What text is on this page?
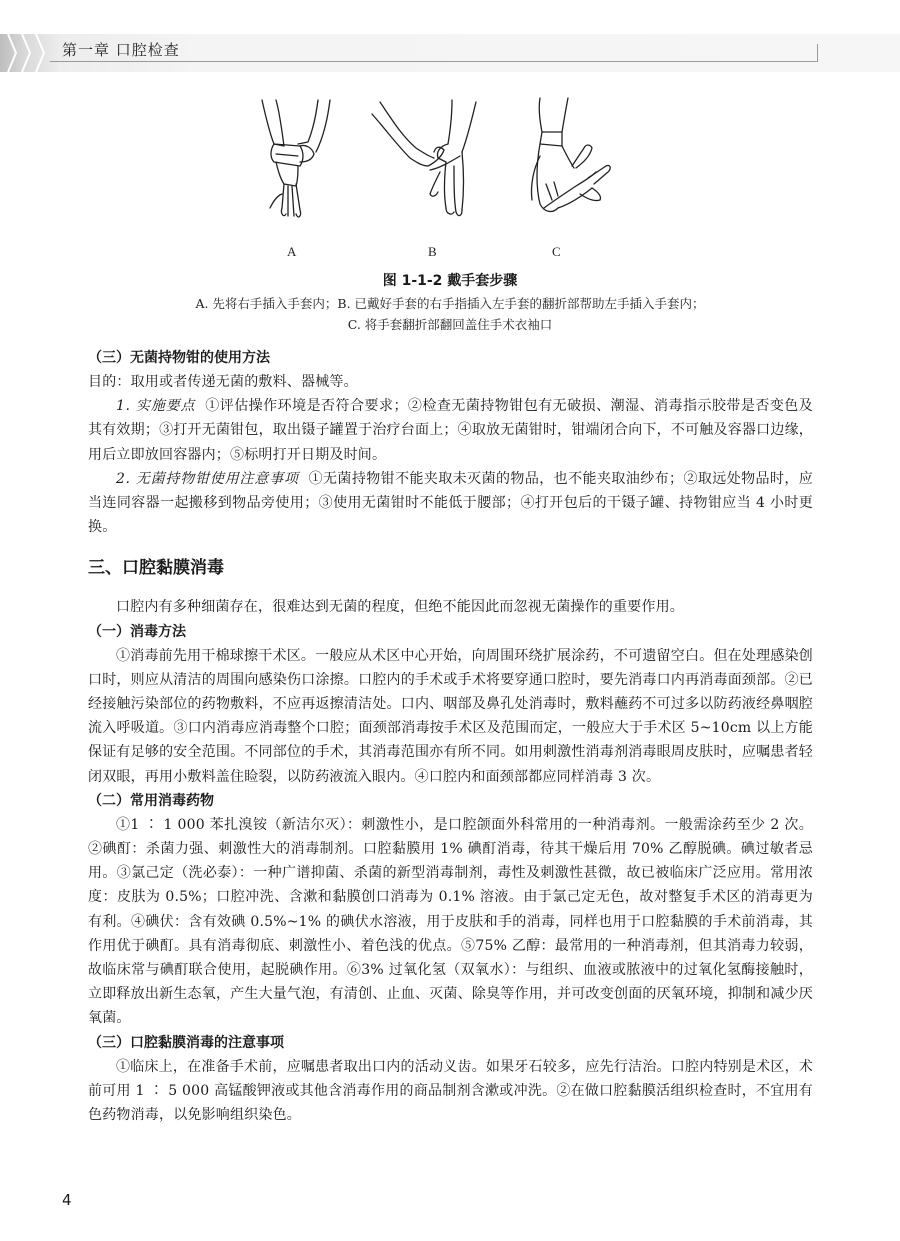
第一章 口腔检查
A	B	C
图 1-1-2 戴手套步骤
A. 先将右手插入手套内；B. 已戴好手套的右手指插入左手套的翻折部帮助左手插入手套内；
C. 将手套翻折部翻回盖住手术衣袖口

（三）无菌持物钳的使用方法

目的：取用或者传递无菌的敷料、器械等。

1. 实施要点 ①评估操作环境是否符合要求；②检查无菌持物钳包有无破损、潮湿、消毒指示胶带是否变色及其有效期；③打开无菌钳包，取出镊子罐置于治疗台面上；④取放无菌钳时，钳端闭合向下，不可触及容器口边缘，用后立即放回容器内；⑤标明打开日期及时间。

2. 无菌持物钳使用注意事项 ①无菌持物钳不能夹取未灭菌的物品，也不能夹取油纱布；②取远处物品时，应当连同容器一起搬移到物品旁使用；③使用无菌钳时不能低于腰部；④打开包后的干镊子罐、持物钳应当 4 小时更换。

三、口腔黏膜消毒

口腔内有多种细菌存在，很难达到无菌的程度，但绝不能因此而忽视无菌操作的重要作用。

（一）消毒方法

①消毒前先用干棉球擦干术区。一般应从术区中心开始，向周围环绕扩展涂药，不可遗留空白。但在处理感染创口时，则应从清洁的周围向感染伤口涂擦。口腔内的手术或手术将要穿通口腔时，要先消毒口内再消毒面颈部。②已经接触污染部位的药物敷料，不应再返擦清洁处。口内、咽部及鼻孔处消毒时，敷料蘸药不可过多以防药液经鼻咽腔流入呼吸道。③口内消毒应消毒整个口腔；面颈部消毒按手术区及范围而定，一般应大于手术区 5~10cm 以上方能保证有足够的安全范围。不同部位的手术，其消毒范围亦有所不同。如用刺激性消毒剂消毒眼周皮肤时，应嘱患者轻闭双眼，再用小敷料盖住睑裂，以防药液流入眼内。④口腔内和面颈部都应同样消毒 3 次。

（二）常用消毒药物

①1 ∶ 1 000 苯扎溴铵（新洁尔灭）：刺激性小，是口腔颌面外科常用的一种消毒剂。一般需涂药至少 2 次。②碘酊：杀菌力强、刺激性大的消毒制剂。口腔黏膜用 1% 碘酊消毒，待其干燥后用 70% 乙醇脱碘。碘过敏者忌用。③氯己定（洗必泰）：一种广谱抑菌、杀菌的新型消毒制剂，毒性及刺激性甚微，故已被临床广泛应用。常用浓度：皮肤为 0.5%；口腔冲洗、含漱和黏膜创口消毒为 0.1% 溶液。由于氯己定无色，故对整复手术区的消毒更为有利。④碘伏：含有效碘 0.5%~1% 的碘伏水溶液，用于皮肤和手的消毒，同样也用于口腔黏膜的手术前消毒，其作用优于碘酊。具有消毒彻底、刺激性小、着色浅的优点。⑤75% 乙醇：最常用的一种消毒剂，但其消毒力较弱，故临床常与碘酊联合使用，起脱碘作用。⑥3% 过氧化氢（双氧水）：与组织、血液或脓液中的过氧化氢酶接触时，立即释放出新生态氧，产生大量气泡，有清创、止血、灭菌、除臭等作用，并可改变创面的厌氧环境，抑制和减少厌氧菌。

（三）口腔黏膜消毒的注意事项

①临床上，在准备手术前，应嘱患者取出口内的活动义齿。如果牙石较多，应先行洁治。口腔内特别是术区，术前可用 1 ∶ 5 000 高锰酸钾液或其他含消毒作用的商品制剂含漱或冲洗。②在做口腔黏膜活组织检查时，不宜用有色药物消毒，以免影响组织染色。

4
